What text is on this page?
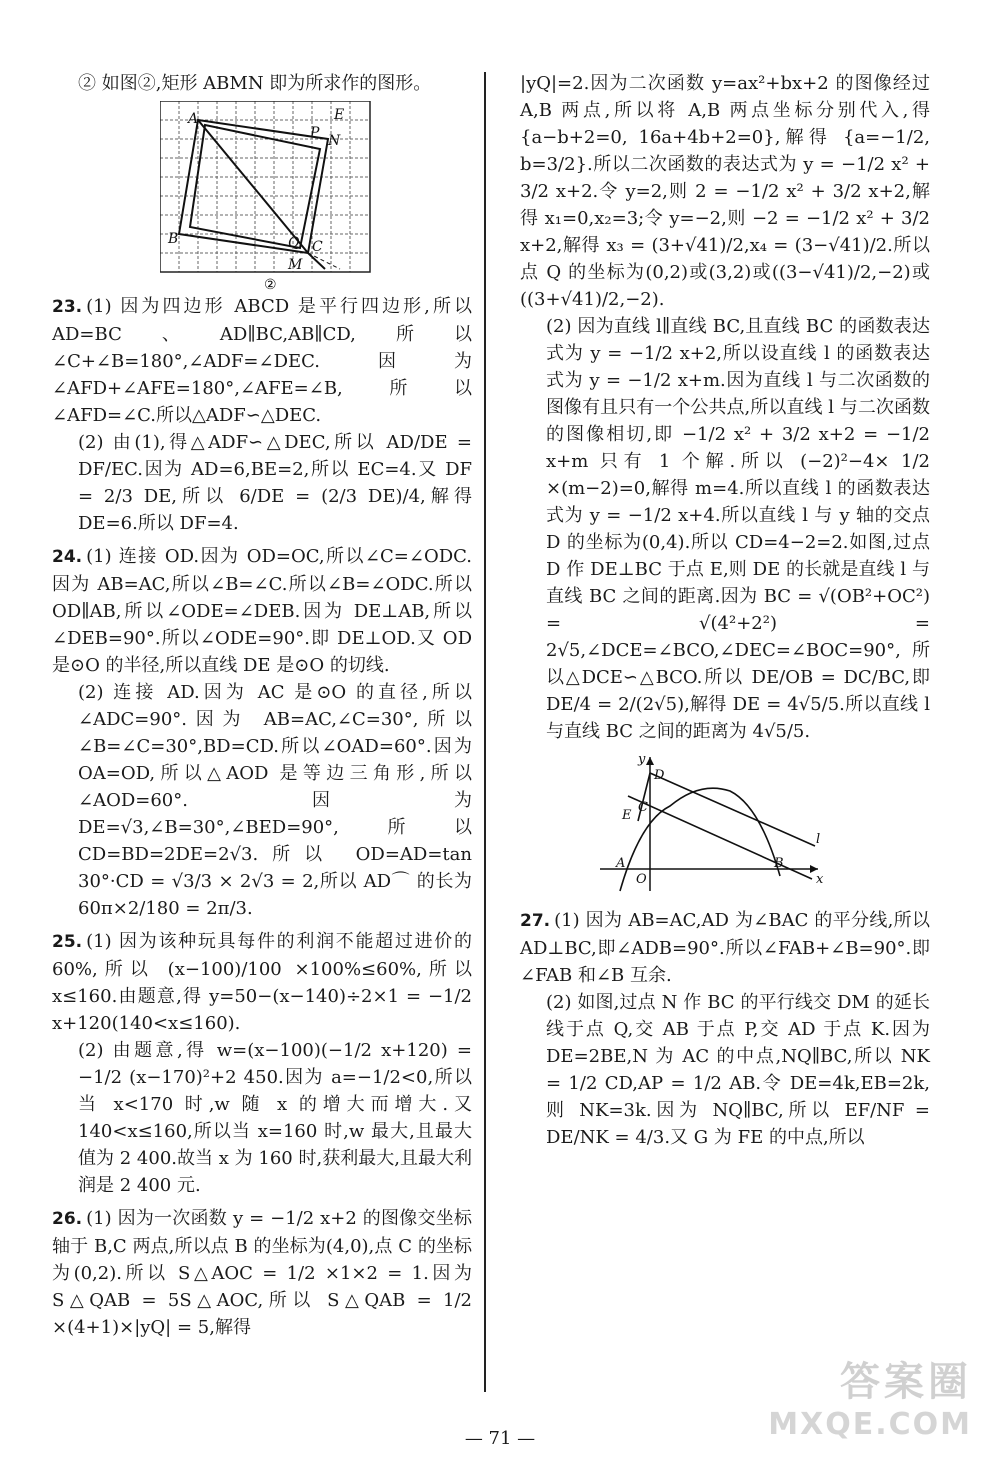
② 如图②,矩形 ABMN 即为所求作的图形。

A
B	C
E
M
N
P
Q
②

23. (1) 因为四边形 ABCD 是平行四边形,所以 AD=BC、AD∥BC,AB∥CD,所以∠C+∠B=180°,∠ADF=∠DEC.因为∠AFD+∠AFE=180°,∠AFE=∠B,所以∠AFD=∠C.所以△ADF∽△DEC.

(2) 由(1),得△ADF∽△DEC,所以 AD/DE = DF/EC.因为 AD=6,BE=2,所以 EC=4.又 DF = 2/3 DE,所以 6/DE = (2/3 DE)/4,解得 DE=6.所以 DF=4.

24. (1) 连接 OD.因为 OD=OC,所以∠C=∠ODC.因为 AB=AC,所以∠B=∠C.所以∠B=∠ODC.所以 OD∥AB,所以∠ODE=∠DEB.因为 DE⊥AB,所以∠DEB=90°.所以∠ODE=90°.即 DE⊥OD.又 OD 是⊙O 的半径,所以直线 DE 是⊙O 的切线.

(2) 连接 AD.因为 AC 是⊙O 的直径,所以∠ADC=90°.因为 AB=AC,∠C=30°,所以∠B=∠C=30°,BD=CD.所以∠OAD=60°.因为 OA=OD,所以△AOD 是等边三角形,所以∠AOD=60°.因为 DE=√3,∠B=30°,∠BED=90°,所以 CD=BD=2DE=2√3.所以 OD=AD=tan 30°·CD = √3/3 × 2√3 = 2,所以 AD⌒ 的长为 60π×2/180 = 2π/3.

25. (1) 因为该种玩具每件的利润不能超过进价的 60%,所以 (x−100)/100 ×100%≤60%,所以 x≤160.由题意,得 y=50−(x−140)÷2×1 = −1/2 x+120(140<x≤160).

(2) 由题意,得 w=(x−100)(−1/2 x+120) = −1/2 (x−170)²+2 450.因为 a=−1/2<0,所以当 x<170 时,w 随 x 的增大而增大.又 140<x≤160,所以当 x=160 时,w 最大,且最大值为 2 400.故当 x 为 160 时,获利最大,且最大利润是 2 400 元.

26. (1) 因为一次函数 y = −1/2 x+2 的图像交坐标轴于 B,C 两点,所以点 B 的坐标为(4,0),点 C 的坐标为(0,2).所以 S△AOC = 1/2 ×1×2 = 1.因为 S△QAB = 5S△AOC,所以 S△QAB = 1/2 ×(4+1)×|yQ| = 5,解得

|yQ|=2.因为二次函数 y=ax²+bx+2 的图像经过 A,B 两点,所以将 A,B 两点坐标分别代入,得 {a−b+2=0, 16a+4b+2=0},解得 {a=−1/2, b=3/2}.所以二次函数的表达式为 y = −1/2 x² + 3/2 x+2.令 y=2,则 2 = −1/2 x² + 3/2 x+2,解得 x₁=0,x₂=3;令 y=−2,则 −2 = −1/2 x² + 3/2 x+2,解得 x₃ = (3+√41)/2,x₄ = (3−√41)/2.所以点 Q 的坐标为(0,2)或(3,2)或((3−√41)/2,−2)或((3+√41)/2,−2).

(2) 因为直线 l∥直线 BC,且直线 BC 的函数表达式为 y = −1/2 x+2,所以设直线 l 的函数表达式为 y = −1/2 x+m.因为直线 l 与二次函数的图像有且只有一个公共点,所以直线 l 与二次函数的图像相切,即 −1/2 x² + 3/2 x+2 = −1/2 x+m 只有 1 个解.所以 (−2)²−4× 1/2 ×(m−2)=0,解得 m=4.所以直线 l 的函数表达式为 y = −1/2 x+4.所以直线 l 与 y 轴的交点 D 的坐标为(0,4).所以 CD=4−2=2.如图,过点 D 作 DE⊥BC 于点 E,则 DE 的长就是直线 l 与直线 BC 之间的距离.因为 BC = √(OB²+OC²) = √(4²+2²) = 2√5,∠DCE=∠BCO,∠DEC=∠BOC=90°,所以△DCE∽△BCO.所以 DE/OB = DC/BC,即 DE/4 = 2/(2√5),解得 DE = 4√5/5.所以直线 l 与直线 BC 之间的距离为 4√5/5.

y
x
D
C
E
A
O
B
l

27. (1) 因为 AB=AC,AD 为∠BAC 的平分线,所以 AD⊥BC,即∠ADB=90°.所以∠FAB+∠B=90°.即∠FAB 和∠B 互余.

(2) 如图,过点 N 作 BC 的平行线交 DM 的延长线于点 Q,交 AB 于点 P,交 AD 于点 K.因为 DE=2BE,N 为 AC 的中点,NQ∥BC,所以 NK = 1/2 CD,AP = 1/2 AB.令 DE=4k,EB=2k,则 NK=3k.因为 NQ∥BC,所以 EF/NF = DE/NK = 4/3.又 G 为 FE 的中点,所以

— 71 —
答案圈
MXQE.COM
